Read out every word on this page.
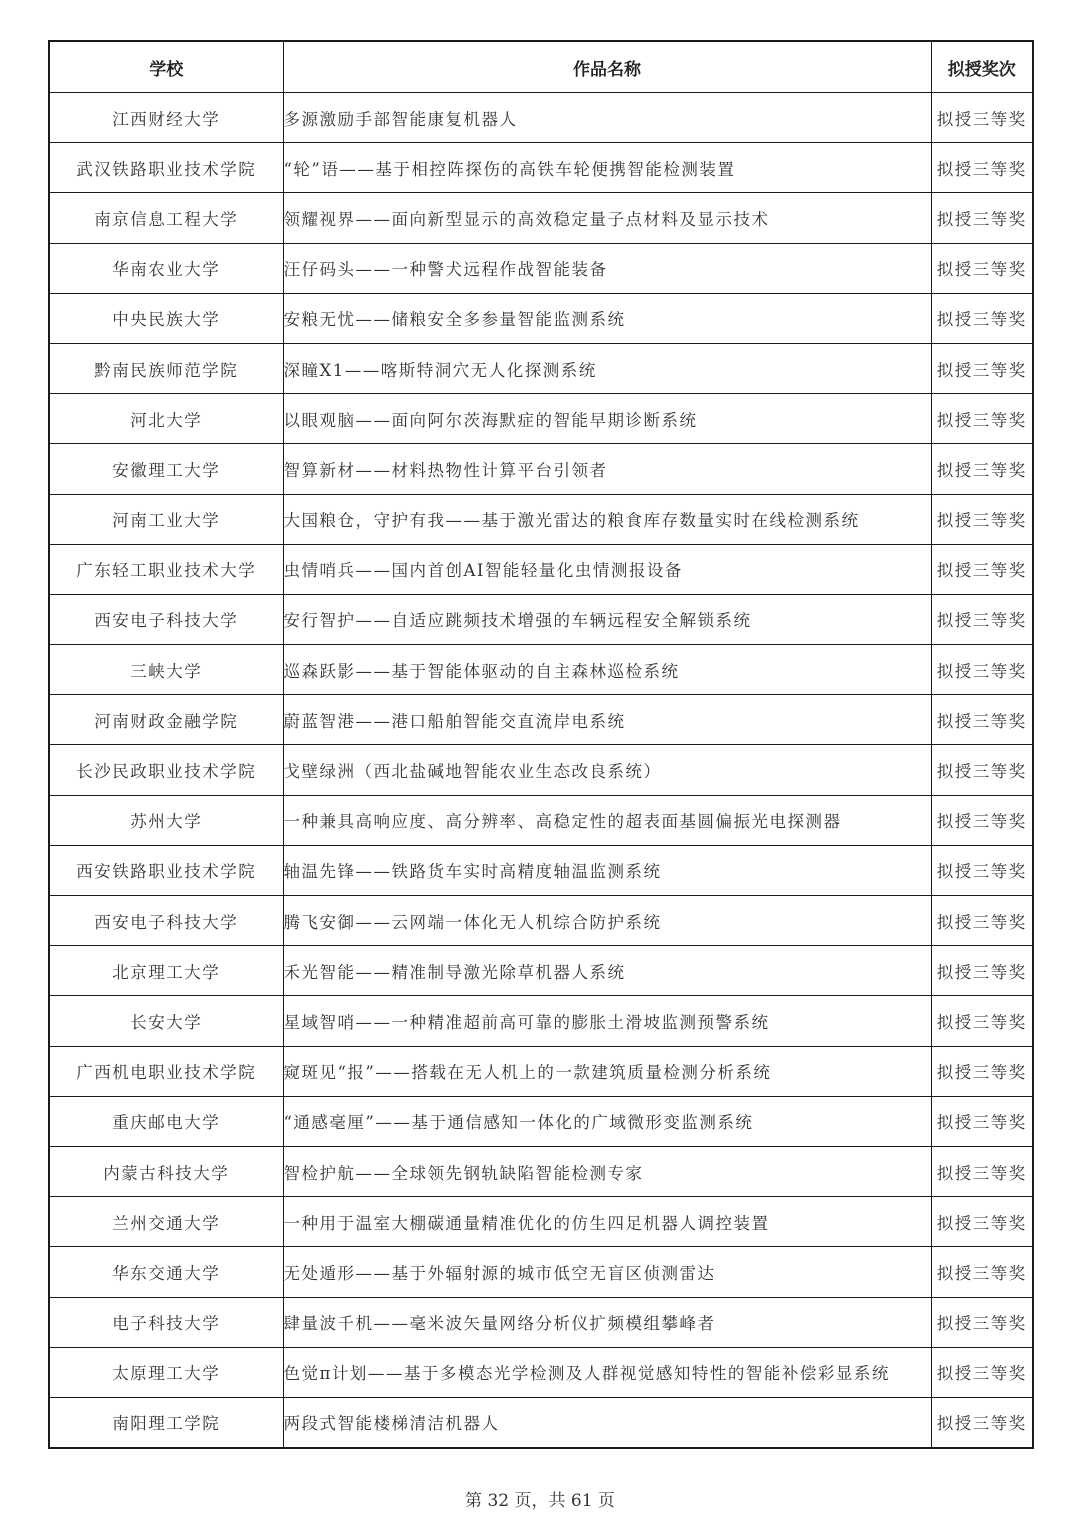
学校	作品名称	拟授奖次
江西财经大学	多源激励手部智能康复机器人	拟授三等奖
武汉铁路职业技术学院	“轮”语——基于相控阵探伤的高铁车轮便携智能检测装置	拟授三等奖
南京信息工程大学	领耀视界——面向新型显示的高效稳定量子点材料及显示技术	拟授三等奖
华南农业大学	汪仔码头——一种警犬远程作战智能装备	拟授三等奖
中央民族大学	安粮无忧——储粮安全多参量智能监测系统	拟授三等奖
黔南民族师范学院	深瞳X1——喀斯特洞穴无人化探测系统	拟授三等奖
河北大学	以眼观脑——面向阿尔茨海默症的智能早期诊断系统	拟授三等奖
安徽理工大学	智算新材——材料热物性计算平台引领者	拟授三等奖
河南工业大学	大国粮仓，守护有我——基于激光雷达的粮食库存数量实时在线检测系统	拟授三等奖
广东轻工职业技术大学	虫情哨兵——国内首创AI智能轻量化虫情测报设备	拟授三等奖
西安电子科技大学	安行智护——自适应跳频技术增强的车辆远程安全解锁系统	拟授三等奖
三峡大学	巡森跃影——基于智能体驱动的自主森林巡检系统	拟授三等奖
河南财政金融学院	蔚蓝智港——港口船舶智能交直流岸电系统	拟授三等奖
长沙民政职业技术学院	戈壁绿洲（西北盐碱地智能农业生态改良系统）	拟授三等奖
苏州大学	一种兼具高响应度、高分辨率、高稳定性的超表面基圆偏振光电探测器	拟授三等奖
西安铁路职业技术学院	轴温先锋——铁路货车实时高精度轴温监测系统	拟授三等奖
西安电子科技大学	腾飞安御——云网端一体化无人机综合防护系统	拟授三等奖
北京理工大学	禾光智能——精准制导激光除草机器人系统	拟授三等奖
长安大学	星域智哨——一种精准超前高可靠的膨胀土滑坡监测预警系统	拟授三等奖
广西机电职业技术学院	窥斑见“报”——搭载在无人机上的一款建筑质量检测分析系统	拟授三等奖
重庆邮电大学	“通感毫厘”——基于通信感知一体化的广域微形变监测系统	拟授三等奖
内蒙古科技大学	智检护航——全球领先钢轨缺陷智能检测专家	拟授三等奖
兰州交通大学	一种用于温室大棚碳通量精准优化的仿生四足机器人调控装置	拟授三等奖
华东交通大学	无处遁形——基于外辐射源的城市低空无盲区侦测雷达	拟授三等奖
电子科技大学	肆量波千机——毫米波矢量网络分析仪扩频模组攀峰者	拟授三等奖
太原理工大学	色觉π计划——基于多模态光学检测及人群视觉感知特性的智能补偿彩显系统	拟授三等奖
南阳理工学院	两段式智能楼梯清洁机器人	拟授三等奖
第 32 页，共 61 页
